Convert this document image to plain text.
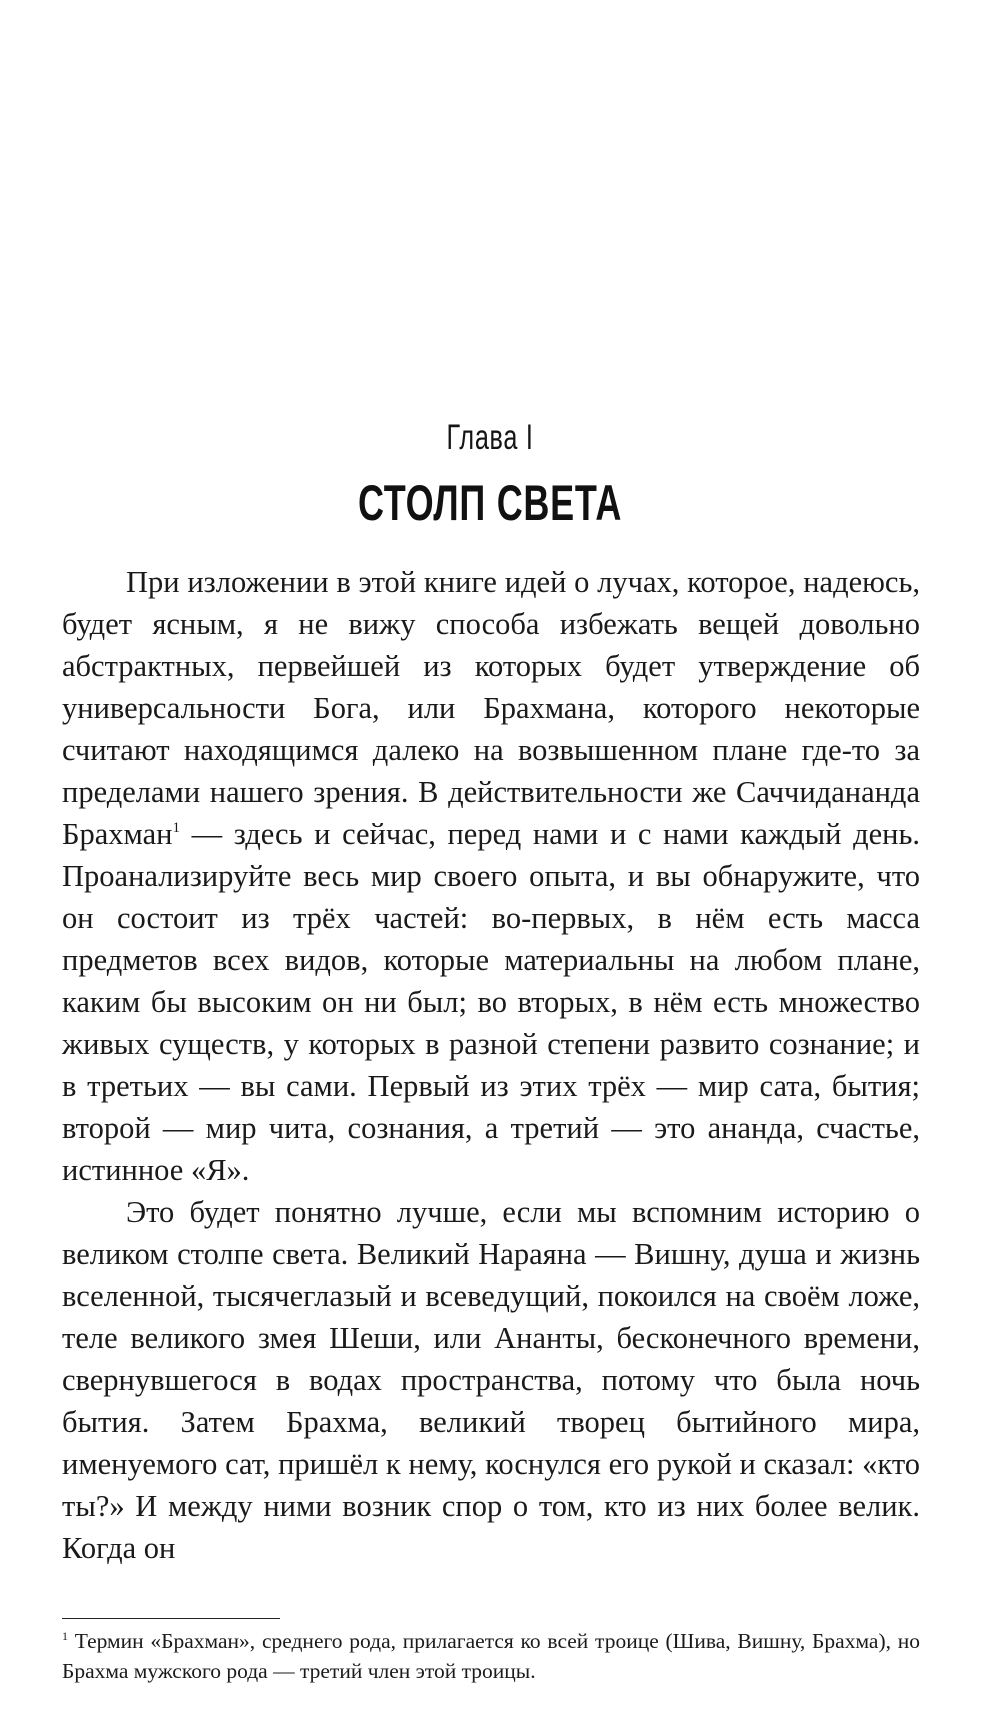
Глава I
СТОЛП СВЕТА

При изложении в этой книге идей о лучах, которое, надеюсь, будет ясным, я не вижу способа избежать вещей довольно абстрактных, первейшей из которых будет утверждение об универсальности Бога, или Брахмана, которого некоторые считают находящимся далеко на возвышенном плане где-то за пределами нашего зрения. В действительности же Саччидананда Брахман$^1$ — здесь и сейчас, перед нами и с нами каждый день. Проанализируйте весь мир своего опыта, и вы обнаружите, что он состоит из трёх частей: во-первых, в нём есть масса предметов всех видов, которые материальны на любом плане, каким бы высоким он ни был; во вторых, в нём есть множество живых существ, у которых в разной степени развито сознание; и в третьих — вы сами. Первый из этих трёх — мир сата, бытия; второй — мир чита, сознания, а третий — это ананда, счастье, истинное «Я».

Это будет понятно лучше, если мы вспомним историю о великом столпе света. Великий Нараяна — Вишну, душа и жизнь вселенной, тысячеглазый и всеведущий, покоился на своём ложе, теле великого змея Шеши, или Ананты, бесконечного времени, свернувшегося в водах пространства, потому что была ночь бытия. Затем Брахма, великий творец бытийного мира, именуемого сат, пришёл к нему, коснулся его рукой и сказал: «кто ты?» И между ними возник спор о том, кто из них более велик. Когда он

$^1$ Термин «Брахман», среднего рода, прилагается ко всей троице (Шива, Вишну, Брахма), но Брахма мужского рода — третий член этой троицы.
